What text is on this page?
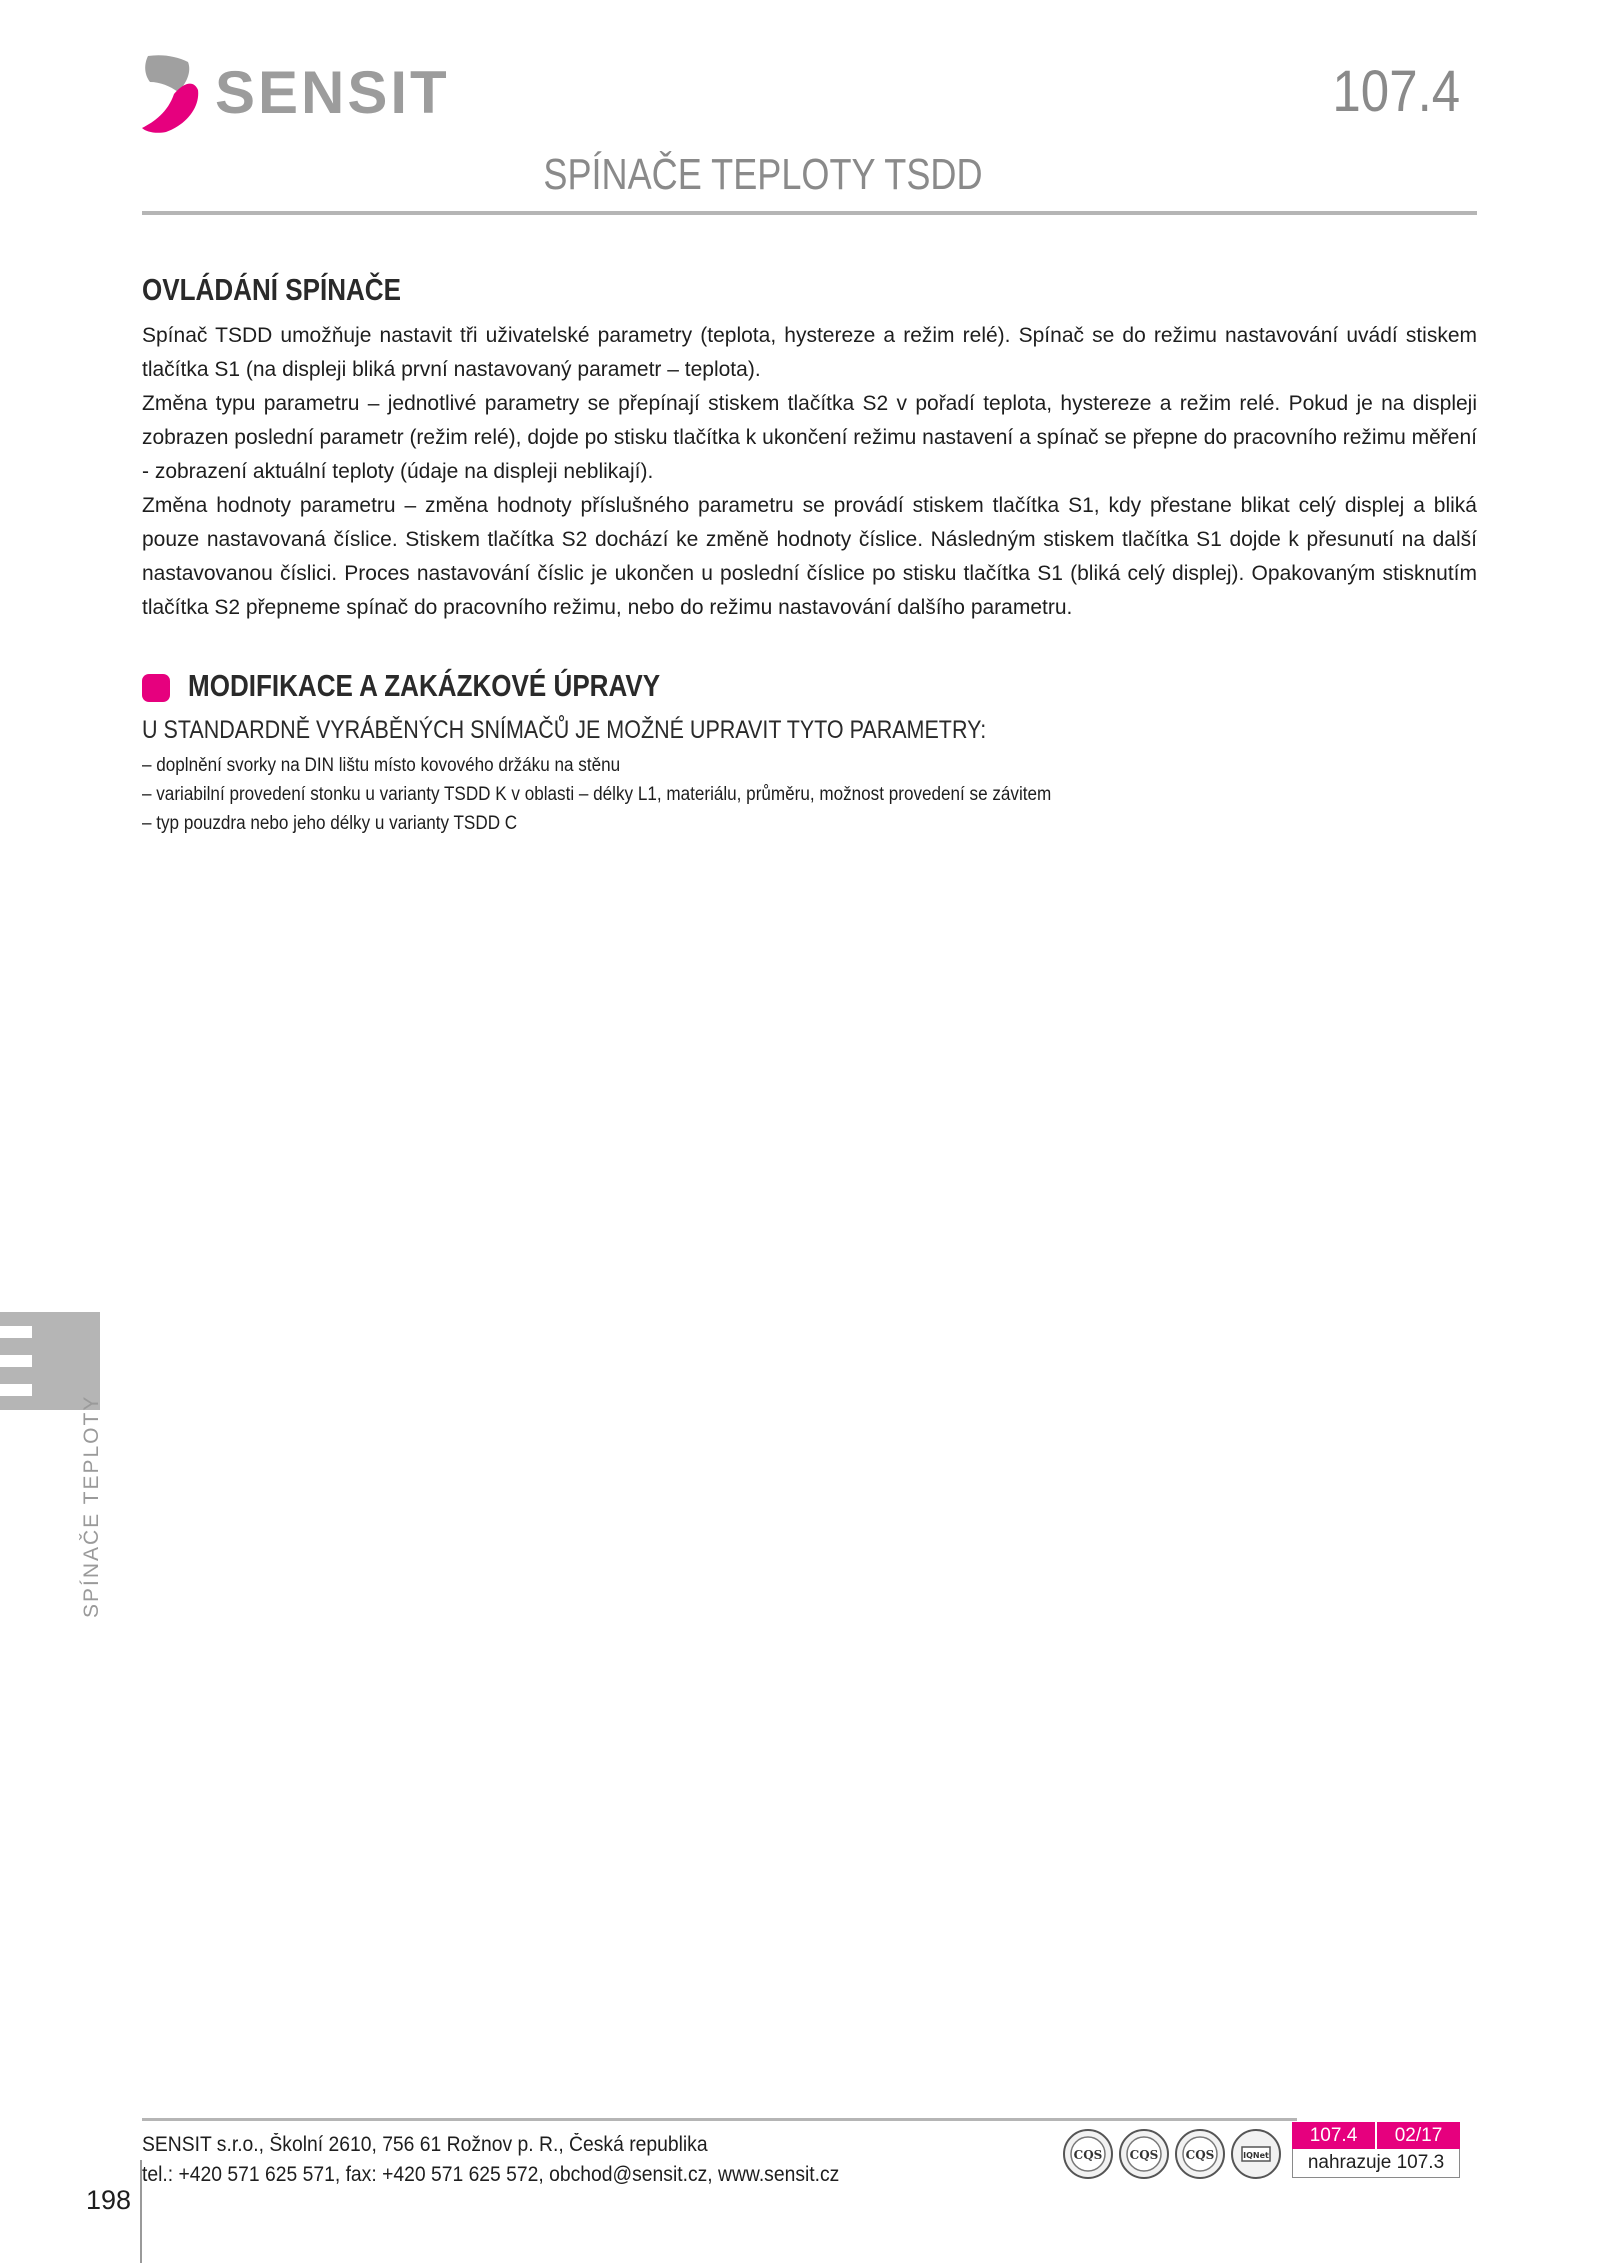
SENSIT	107.4
SPÍNAČE TEPLOTY TSDD
OVLÁDÁNÍ SPÍNAČE

Spínač TSDD umožňuje nastavit tři uživatelské parametry (teplota, hystereze a režim relé). Spínač se do režimu nastavování uvádí stiskem tlačítka S1 (na displeji bliká první nastavovaný parametr – teplota).

Změna typu parametru – jednotlivé parametry se přepínají stiskem tlačítka S2 v pořadí teplota, hystereze a režim relé. Pokud je na displeji zobrazen poslední parametr (režim relé), dojde po stisku tlačítka k ukončení režimu nastavení a spínač se přepne do pracovního režimu měření - zobrazení aktuální teploty (údaje na displeji neblikají).

Změna hodnoty parametru – změna hodnoty příslušného parametru se provádí stiskem tlačítka S1, kdy přestane blikat celý displej a bliká pouze nastavovaná číslice. Stiskem tlačítka S2 dochází ke změně hodnoty číslice. Následným stiskem tlačítka S1 dojde k přesunutí na další nastavovanou číslici. Proces nastavování číslic je ukončen u poslední číslice po stisku tlačítka S1 (bliká celý displej). Opakovaným stisknutím tlačítka S2 přepneme spínač do pracovního režimu, nebo do režimu nastavování dalšího parametru.

MODIFIKACE A ZAKÁZKOVÉ ÚPRAVY
U STANDARDNĚ VYRÁBĚNÝCH SNÍMAČŮ JE MOŽNÉ UPRAVIT TYTO PARAMETRY:
– doplnění svorky na DIN lištu místo kovového držáku na stěnu
– variabilní provedení stonku u varianty TSDD K v oblasti – délky L1, materiálu, průměru, možnost provedení se závitem
– typ pouzdra nebo jeho délky u varianty TSDD C
SPÍNAČE TEPLOTY
SENSIT s.r.o., Školní 2610, 756 61 Rožnov p. R., Česká republika
tel.: +420 571 625 571, fax: +420 571 625 572, obchod@sensit.cz, www.sensit.cz
CQS CQS CQS	IQNet
107.4	02/17
nahrazuje 107.3
198
